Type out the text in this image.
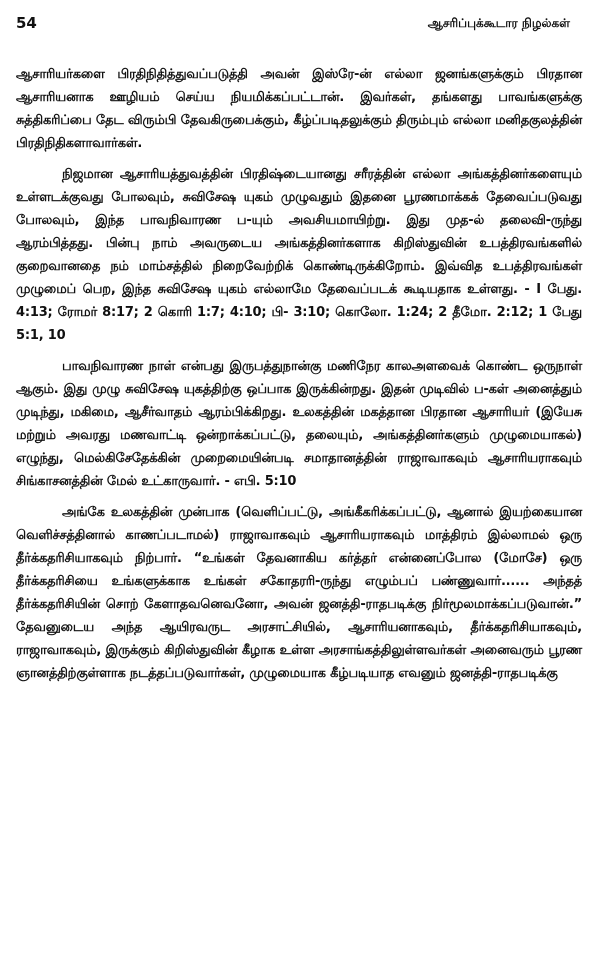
54	ஆசரிப்புக்கூடார நிழல்கள்

ஆசாரியர்களை பிரதிநிதித்துவப்படுத்தி அவன் இஸ்ரே-ன் எல்லா ஜனங்களுக்கும் பிரதான ஆசாரியனாக ஊழியம் செய்ய நியமிக்கப்பட்டான். இவர்கள், தங்களது பாவங்களுக்கு சுத்திகரிப்பை தேட விரும்பி தேவகிருபைக்கும், கீழ்ப்படிதலுக்கும் திரும்பும் எல்லா மனிதகுலத்தின் பிரதிநிதிகளாவார்கள்.

நிஜமான ஆசாரியத்துவத்தின் பிரதிஷ்டையானது சரீரத்தின் எல்லா அங்கத்தினர்களையும் உள்ளடக்குவது போலவும், சுவிசேஷ யுகம் முழுவதும் இதனை பூரணமாக்கக் தேவைப்படுவது போலவும், இந்த பாவநிவாரண ப-யும் அவசியமாயிற்று. இது முத-ல் தலைவி-ருந்து ஆரம்பித்தது. பின்பு நாம் அவருடைய அங்கத்தினர்களாக கிறிஸ்துவின் உபத்திரவங்களில் குறைவானதை நம் மாம்சத்தில் நிறைவேற்றிக் கொண்டிருக்கிறோம். இவ்வித உபத்திரவங்கள் முழுமைப் பெற, இந்த சுவிசேஷ யுகம் எல்லாமே தேவைப்படக் கூடியதாக உள்ளது. - I பேது. 4:13; ரோமர் 8:17; 2 கொரி 1:7; 4:10; பி- 3:10; கொலோ. 1:24; 2 தீமோ. 2:12; 1 பேது 5:1, 10

பாவநிவாரண நாள் என்பது இருபத்துநான்கு மணிநேர காலஅளவைக் கொண்ட ஒருநாள் ஆகும். இது முழு சுவிசேஷ யுகத்திற்கு ஒப்பாக இருக்கின்றது. இதன் முடிவில் ப-கள் அனைத்தும் முடிந்து, மகிமை, ஆசீர்வாதம் ஆரம்பிக்கிறது. உலகத்தின் மகத்தான பிரதான ஆசாரியர் (இயேசு மற்றும் அவரது மணவாட்டி ஒன்றாக்கப்பட்டு, தலையும், அங்கத்தினர்களும் முழுமையாகல்) எழுந்து, மெல்கிசேதேக்கின் முறைமையின்படி சமாதானத்தின் ராஜாவாகவும் ஆசாரியராகவும் சிங்காசனத்தின் மேல் உட்காருவார். - எபி. 5:10

அங்கே உலகத்தின் முன்பாக (வெளிப்பட்டு, அங்கீகரிக்கப்பட்டு, ஆனால் இயற்கையான வெளிச்சத்தினால் காணப்படாமல்) ராஜாவாகவும் ஆசாரியராகவும் மாத்திரம் இல்லாமல் ஒரு தீர்க்கதரிசியாகவும் நிற்பார். “உங்கள் தேவனாகிய கர்த்தர் என்னைப்போல (மோசே) ஒரு தீர்க்கதரிசியை உங்களுக்காக உங்கள் சகோதரரி-ருந்து எழும்பப் பண்ணுவார்...... அந்தத் தீர்க்கதரிசியின் சொற் கேளாதவனெவனோ, அவன் ஜனத்தி-ராதபடிக்கு நிர்மூலமாக்கப்படுவான்.” தேவனுடைய அந்த ஆயிரவருட அரசாட்சியில், ஆசாரியனாகவும், தீர்க்கதரிசியாகவும், ராஜாவாகவும், இருக்கும் கிறிஸ்துவின் கீழாக உள்ள அரசாங்கத்திலுள்ளவர்கள் அனைவரும் பூரண ஞானத்திற்குள்ளாக நடத்தப்படுவார்கள், முழுமையாக கீழ்படியாத எவனும் ஜனத்தி-ராதபடிக்கு
